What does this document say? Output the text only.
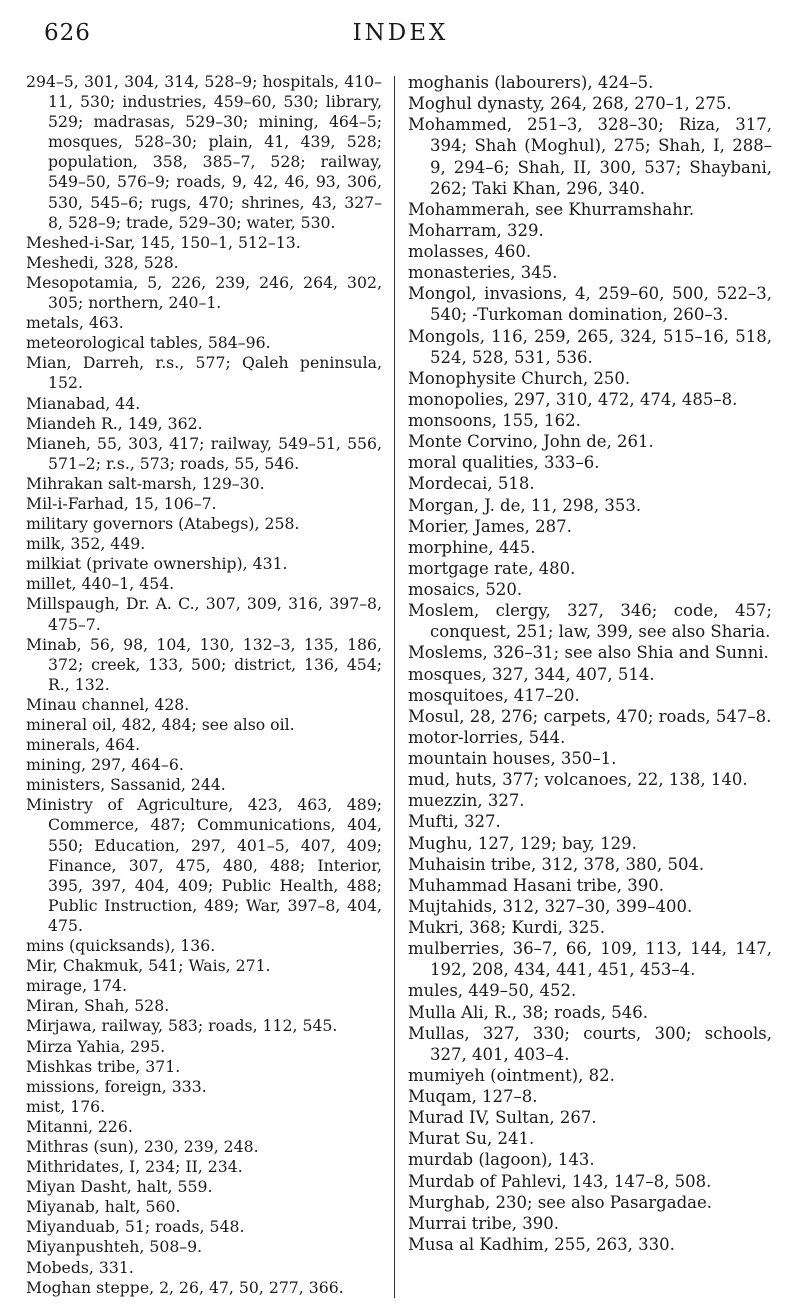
INDEX
626

294–5, 301, 304, 314, 528–9; hospitals, 410–11, 530; industries, 459–60, 530; library, 529; madrasas, 529–30; mining, 464–5; mosques, 528–30; plain, 41, 439, 528; population, 358, 385–7, 528; railway, 549–50, 576–9; roads, 9, 42, 46, 93, 306, 530, 545–6; rugs, 470; shrines, 43, 327–8, 528–9; trade, 529–30; water, 530.

Meshed-i-Sar, 145, 150–1, 512–13.

Meshedi, 328, 528.

Mesopotamia, 5, 226, 239, 246, 264, 302, 305; northern, 240–1.

metals, 463.

meteorological tables, 584–96.

Mian, Darreh, r.s., 577; Qaleh peninsula, 152.

Mianabad, 44.

Miandeh R., 149, 362.

Mianeh, 55, 303, 417; railway, 549–51, 556, 571–2; r.s., 573; roads, 55, 546.

Mihrakan salt-marsh, 129–30.

Mil-i-Farhad, 15, 106–7.

military governors (Atabegs), 258.

milk, 352, 449.

milkiat (private ownership), 431.

millet, 440–1, 454.

Millspaugh, Dr. A. C., 307, 309, 316, 397–8, 475–7.

Minab, 56, 98, 104, 130, 132–3, 135, 186, 372; creek, 133, 500; district, 136, 454; R., 132.

Minau channel, 428.

mineral oil, 482, 484; see also oil.

minerals, 464.

mining, 297, 464–6.

ministers, Sassanid, 244.

Ministry of Agriculture, 423, 463, 489; Commerce, 487; Communications, 404, 550; Education, 297, 401–5, 407, 409; Finance, 307, 475, 480, 488; Interior, 395, 397, 404, 409; Public Health, 488; Public Instruction, 489; War, 397–8, 404, 475.

mins (quicksands), 136.

Mir, Chakmuk, 541; Wais, 271.

mirage, 174.

Miran, Shah, 528.

Mirjawa, railway, 583; roads, 112, 545.

Mirza Yahia, 295.

Mishkas tribe, 371.

missions, foreign, 333.

mist, 176.

Mitanni, 226.

Mithras (sun), 230, 239, 248.

Mithridates, I, 234; II, 234.

Miyan Dasht, halt, 559.

Miyanab, halt, 560.

Miyanduab, 51; roads, 548.

Miyanpushteh, 508–9.

Mobeds, 331.

Moghan steppe, 2, 26, 47, 50, 277, 366.

moghanis (labourers), 424–5.

Moghul dynasty, 264, 268, 270–1, 275.

Mohammed, 251–3, 328–30; Riza, 317, 394; Shah (Moghul), 275; Shah, I, 288–9, 294–6; Shah, II, 300, 537; Shaybani, 262; Taki Khan, 296, 340.

Mohammerah, see Khurramshahr.

Moharram, 329.

molasses, 460.

monasteries, 345.

Mongol, invasions, 4, 259–60, 500, 522–3, 540; -Turkoman domination, 260–3.

Mongols, 116, 259, 265, 324, 515–16, 518, 524, 528, 531, 536.

Monophysite Church, 250.

monopolies, 297, 310, 472, 474, 485–8.

monsoons, 155, 162.

Monte Corvino, John de, 261.

moral qualities, 333–6.

Mordecai, 518.

Morgan, J. de, 11, 298, 353.

Morier, James, 287.

morphine, 445.

mortgage rate, 480.

mosaics, 520.

Moslem, clergy, 327, 346; code, 457; conquest, 251; law, 399, see also Sharia.

Moslems, 326–31; see also Shia and Sunni.

mosques, 327, 344, 407, 514.

mosquitoes, 417–20.

Mosul, 28, 276; carpets, 470; roads, 547–8.

motor-lorries, 544.

mountain houses, 350–1.

mud, huts, 377; volcanoes, 22, 138, 140.

muezzin, 327.

Mufti, 327.

Mughu, 127, 129; bay, 129.

Muhaisin tribe, 312, 378, 380, 504.

Muhammad Hasani tribe, 390.

Mujtahids, 312, 327–30, 399–400.

Mukri, 368; Kurdi, 325.

mulberries, 36–7, 66, 109, 113, 144, 147, 192, 208, 434, 441, 451, 453–4.

mules, 449–50, 452.

Mulla Ali, R., 38; roads, 546.

Mullas, 327, 330; courts, 300; schools, 327, 401, 403–4.

mumiyeh (ointment), 82.

Muqam, 127–8.

Murad IV, Sultan, 267.

Murat Su, 241.

murdab (lagoon), 143.

Murdab of Pahlevi, 143, 147–8, 508.

Murghab, 230; see also Pasargadae.

Murrai tribe, 390.

Musa al Kadhim, 255, 263, 330.
